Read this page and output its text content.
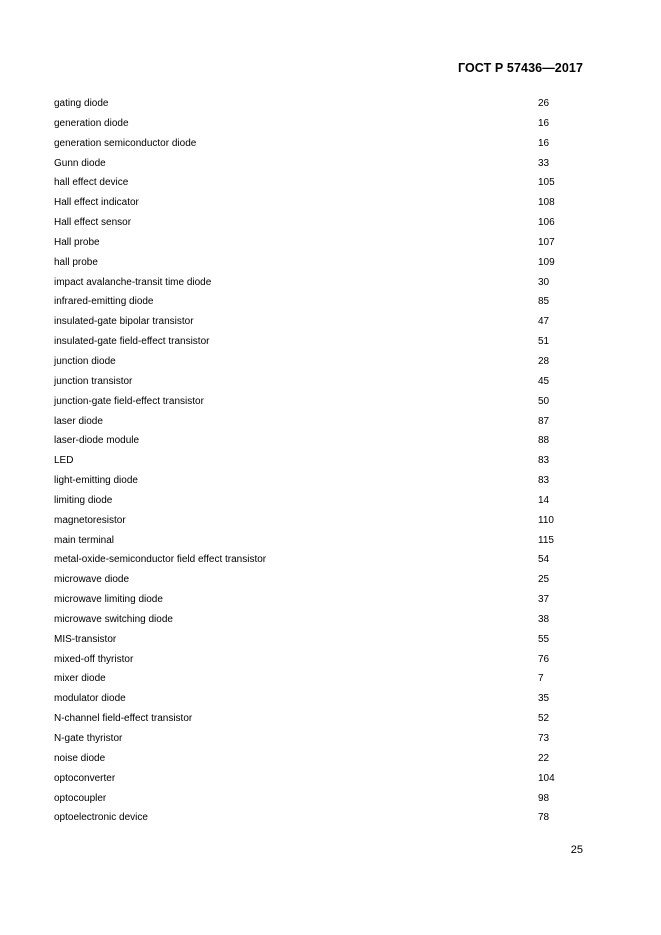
ГОСТ Р 57436—2017
gating diode	26
generation diode	16
generation semiconductor diode	16
Gunn diode	33
hall effect device	105
Hall effect indicator	108
Hall effect sensor	106
Hall probe	107
hall probe	109
impact avalanche-transit time diode	30
infrared-emitting diode	85
insulated-gate bipolar transistor	47
insulated-gate field-effect transistor	51
junction diode	28
junction transistor	45
junction-gate field-effect transistor	50
laser diode	87
laser-diode module	88
LED	83
light-emitting diode	83
limiting diode	14
magnetoresistor	110
main terminal	115
metal-oxide-semiconductor field effect transistor	54
microwave diode	25
microwave limiting diode	37
microwave switching diode	38
MIS-transistor	55
mixed-off thyristor	76
mixer diode	7
modulator diode	35
N-channel field-effect transistor	52
N-gate thyristor	73
noise diode	22
optoconverter	104
optocoupler	98
optoelectronic device	78
25
